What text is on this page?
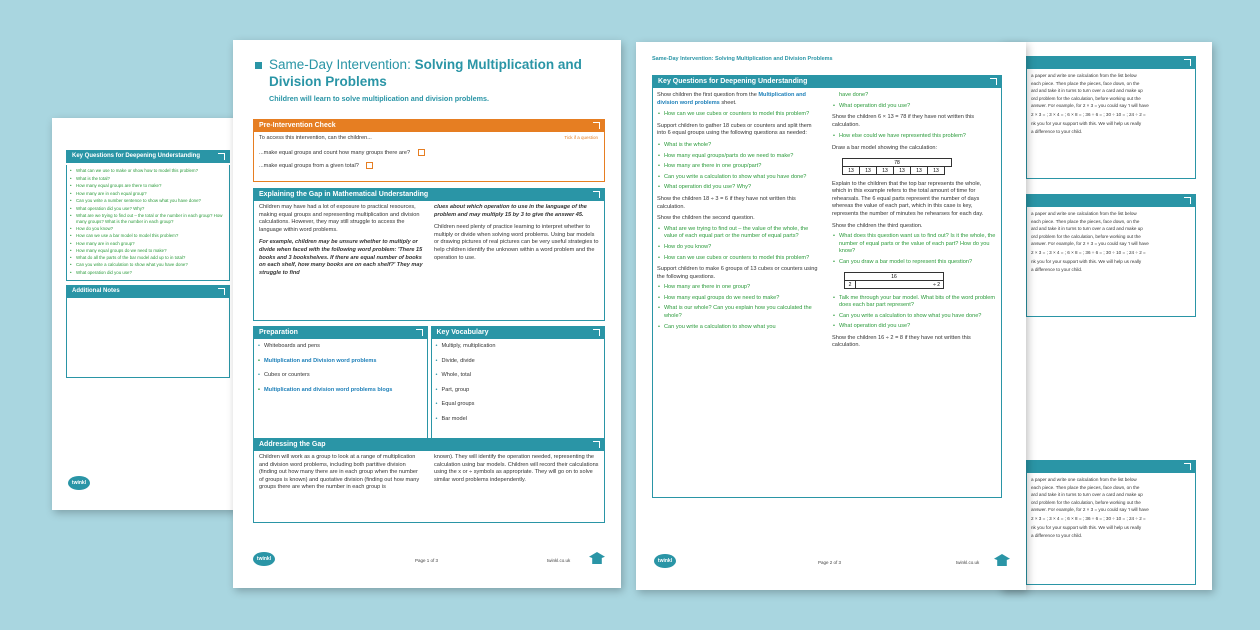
Key Questions for Deepening Understanding
• What can we use to make or show how to model this problem?
• What is the total?
• How many equal groups are there to make?
• How many are in each equal group?
• Can you write a number sentence to show what you have done?
• What operation did you use? Why?
• What are we trying to find out – the total or the number in each group? How many groups? What is the number in each group?
• How do you know?
• How can we use a bar model to model this problem?
• How many are in each group?
• How many equal groups do we need to make?
• What do all the parts of the bar model add up to in total?
• Can you write a calculation to show what you have done?
• What operation did you use?
Additional Notes
twinkl
a paper and write one calculation from the list below
each piece. Then place the pieces, face down, on the
ard and take it in turns to turn over a card and make up
ord problem for the calculation, before working out the
answer. For example, for 2 × 3 = you could say 'I will have
2 × 3 = ; 3 × 4 = ; 6 × 8 = ; 36 ÷ 6 = ; 30 ÷ 10 = ; 24 ÷ 2 =
nk you for your support with this. We will help us really
a difference to your child.
a paper and write one calculation from the list below
each piece. Then place the pieces, face down, on the
ard and take it in turns to turn over a card and make up
ord problem for the calculation, before working out the
answer. For example, for 2 × 3 = you could say 'I will have
2 × 3 = ; 3 × 4 = ; 6 × 8 = ; 36 ÷ 6 = ; 30 ÷ 10 = ; 24 ÷ 2 =
nk you for your support with this. We will help us really
a difference to your child.
a paper and write one calculation from the list below
each piece. Then place the pieces, face down, on the
ard and take it in turns to turn over a card and make up
ord problem for the calculation, before working out the
answer. For example, for 2 × 3 = you could say 'I will have
2 × 3 = ; 3 × 4 = ; 6 × 8 = ; 36 ÷ 6 = ; 30 ÷ 10 = ; 24 ÷ 2 =
nk you for your support with this. We will help us really
a difference to your child.
Same-Day Intervention: Solving Multiplication and Division Problems
Children will learn to solve multiplication and division problems.
Pre-Intervention Check
To access this intervention, can the children...	Tick if a question
...make equal groups and count how many groups there are?
...make equal groups from a given total?
Explaining the Gap in Mathematical Understanding
Children may have had a lot of exposure to practical resources, making equal groups and representing multiplication and division calculations. However, they may still struggle to access the language within word problems.
For example, children may be unsure whether to multiply or divide when faced with the following word problem: 'There 15 books and 3 bookshelves. If there are equal number of books on each shelf, how many books are on each shelf?' They may struggle to find
clues about which operation to use in the language of the problem and may multiply 15 by 3 to give the answer 45.
Children need plenty of practice learning to interpret whether to multiply or divide when solving word problems. Using bar models or drawing pictures of real pictures can be very useful strategies to help children identify the unknown within a word problem and the operation to use.
Preparation
• Whiteboards and pens
• Multiplication and Division word problems
• Cubes or counters
• Multiplication and division word problems blogs
Key Vocabulary
• Multiply, multiplication
• Divide, divide
• Whole, total
• Part, group
• Equal groups
• Bar model
Addressing the Gap
Children will work as a group to look at a range of multiplication and division word problems, including both partitive division (finding out how many there are in each group when the number of groups is known) and quotative division (finding out how many groups there are when the number in each group is
known). They will identify the operation needed, representing the calculation using bar models. Children will record their calculations using the x or ÷ symbols as appropriate. They will go on to solve similar word problems independently.
twinkl	Page 1 of 3	twinkl.co.uk
Same-Day Intervention: Solving Multiplication and Division Problems
Key Questions for Deepening Understanding
Show children the first question from the Multiplication and division word problems sheet.
• How can we use cubes or counters to model this problem?
Support children to gather 18 cubes or counters and split them into 6 equal groups using the following questions as needed:
• What is the whole?
• How many equal groups/parts do we need to make?
• How many are there in one group/part?
• Can you write a calculation to show what you have done?
• What operation did you use? Why?
Show the children 18 ÷ 3 = 6 if they have not written this calculation.
Show the children the second question.
• What are we trying to find out – the value of the whole, the value of each equal part or the number of equal parts?
• How do you know?
• How can we use cubes or counters to model this problem?
Support children to make 6 groups of 13 cubes or counters using the following questions.
• How many are there in one group?
• How many equal groups do we need to make?
• What is our whole? Can you explain how you calculated the whole?
• Can you write a calculation to show what you
have done?
• What operation did you use?
Show the children 6 × 13 = 78 if they have not written this calculation.
• How else could we have represented this problem?
Draw a bar model showing the calculation:
78
13	13	13	13	13	13
Explain to the children that the top bar represents the whole, which in this example refers to the total amount of time for rehearsals. The 6 equal parts represent the number of days whereas the value of each part, which in this case is key, represents the number of minutes he rehearses for each day.
Show the children the third question.
• What does this question want us to find out? Is it the whole, the number of equal parts or the value of each part? How do you know?
• Can you draw a bar model to represent this question?
16
2	÷ 2
• Talk me through your bar model. What bits of the word problem does each bar part represent?
• Can you write a calculation to show what you have done?
• What operation did you use?
Show the children 16 ÷ 2 = 8 if they have not written this calculation.
twinkl	Page 2 of 3	twinkl.co.uk
